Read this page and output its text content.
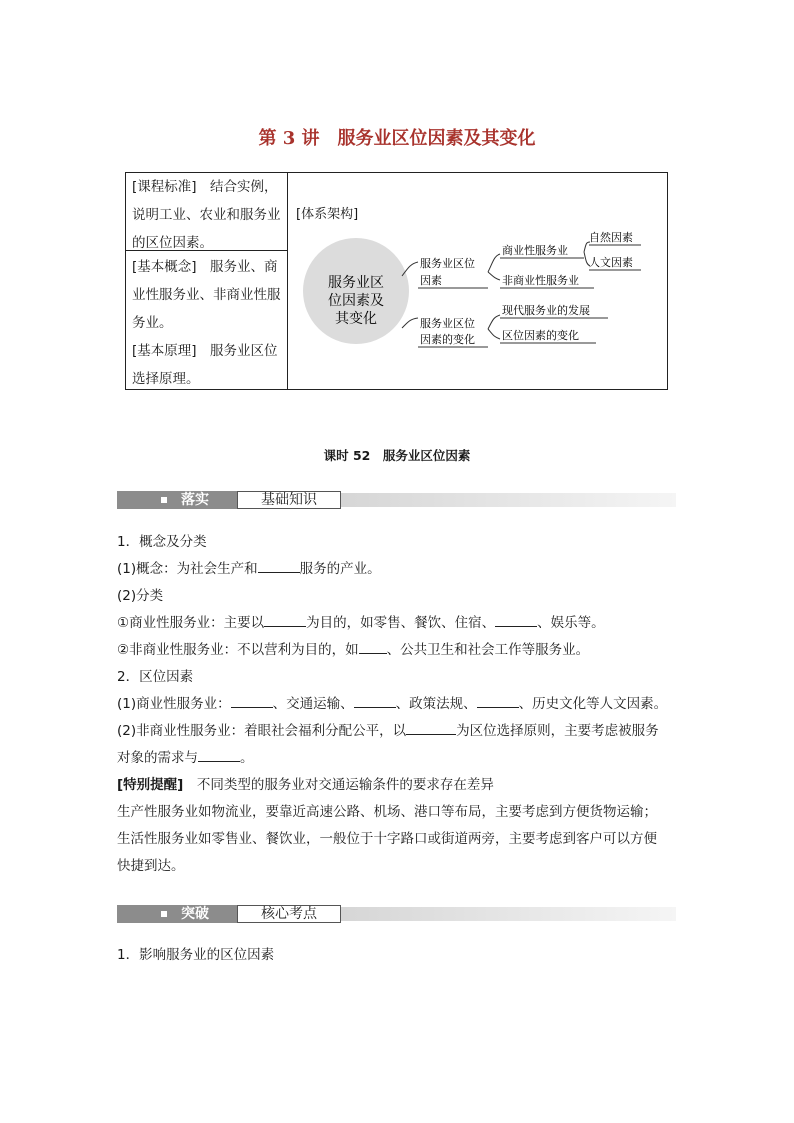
第 3 讲　服务业区位因素及其变化
[课程标准]　结合实例，说明工业、农业和服务业的区位因素。
[基本概念]　服务业、商业性服务业、非商业性服务业。
[基本原理]　服务业区位选择原理。
[体系架构]
服务业区
位因素及
其变化
服务业区位
因素
服务业区位
因素的变化
商业性服务业
非商业性服务业
自然因素
人文因素
现代服务业的发展
区位因素的变化
课时 52　服务业区位因素
落实	基础知识

1．概念及分类

(1)概念：为社会生产和	服务的产业。

(2)分类

①商业性服务业：主要以	为目的，如零售、餐饮、住宿、	、娱乐等。

②非商业性服务业：不以营利为目的，如 、公共卫生和社会工作等服务业。

2．区位因素

(1)商业性服务业：	、交通运输、	、政策法规、	、历史文化等人文因素。

(2)非商业性服务业：着眼社会福利分配公平，以	为区位选择原则，主要考虑被服务

对象的需求与	。

[特别提醒]　不同类型的服务业对交通运输条件的要求存在差异

生产性服务业如物流业，要靠近高速公路、机场、港口等布局，主要考虑到方便货物运输；

生活性服务业如零售业、餐饮业，一般位于十字路口或街道两旁，主要考虑到客户可以方便

快捷到达。

突破	核心考点

1．影响服务业的区位因素
